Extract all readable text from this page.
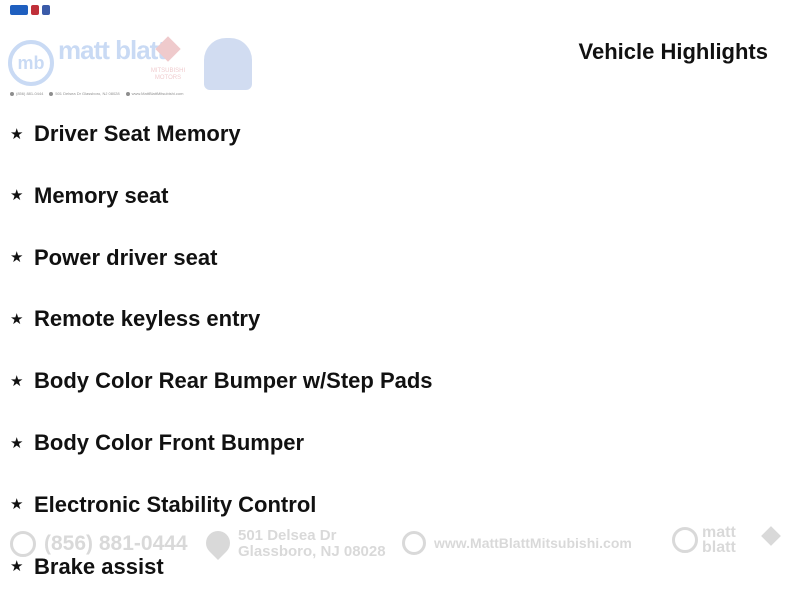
mb matt blatt
MITSUBISHI MOTORS
(856) 881-0444	501 Delsea Dr Glassboro, NJ 08028	www.MattBlattMitsubishi.com
Vehicle Highlights
(856) 881-0444	501 Delsea Dr
Glassboro, NJ 08028	www.MattBlattMitsubishi.com
matt blatt
★ Driver Seat Memory
★ Memory seat
★ Power driver seat
★ Remote keyless entry
★ Body Color Rear Bumper w/Step Pads
★ Body Color Front Bumper
★ Electronic Stability Control
★ Brake assist
